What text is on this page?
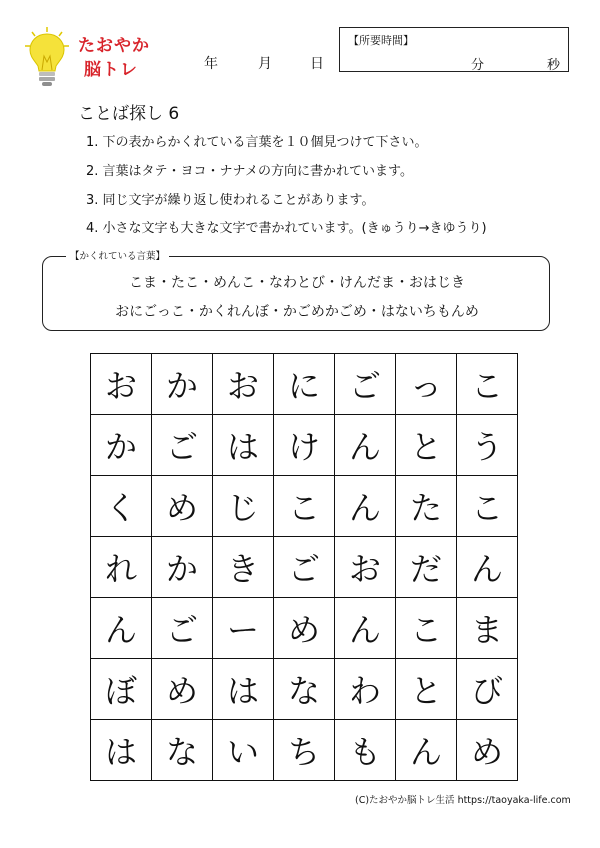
たおやか
脳トレ	年	月	日
【所要時間】
分	秒
ことば探し 6
1. 下の表からかくれている言葉を１０個見つけて下さい。
2. 言葉はタテ・ヨコ・ナナメの方向に書かれています。
3. 同じ文字が繰り返し使われることがあります。
4. 小さな文字も大きな文字で書かれています。(きゅうり→きゆうり)
こま・たこ・めんこ・なわとび・けんだま・おはじき
おにごっこ・かくれんぼ・かごめかごめ・はないちもんめ
【かくれている言葉】
お	か	お	に	ご	っ	こ
か	ご	は	け	ん	と	う
く	め	じ	こ	ん	た	こ
れ	か	き	ご	お	だ	ん
ん	ご	ー	め	ん	こ	ま
ぼ	め	は	な	わ	と	び
は	な	い	ち	も	ん	め
(C)たおやか脳トレ生活 https://taoyaka-life.com
